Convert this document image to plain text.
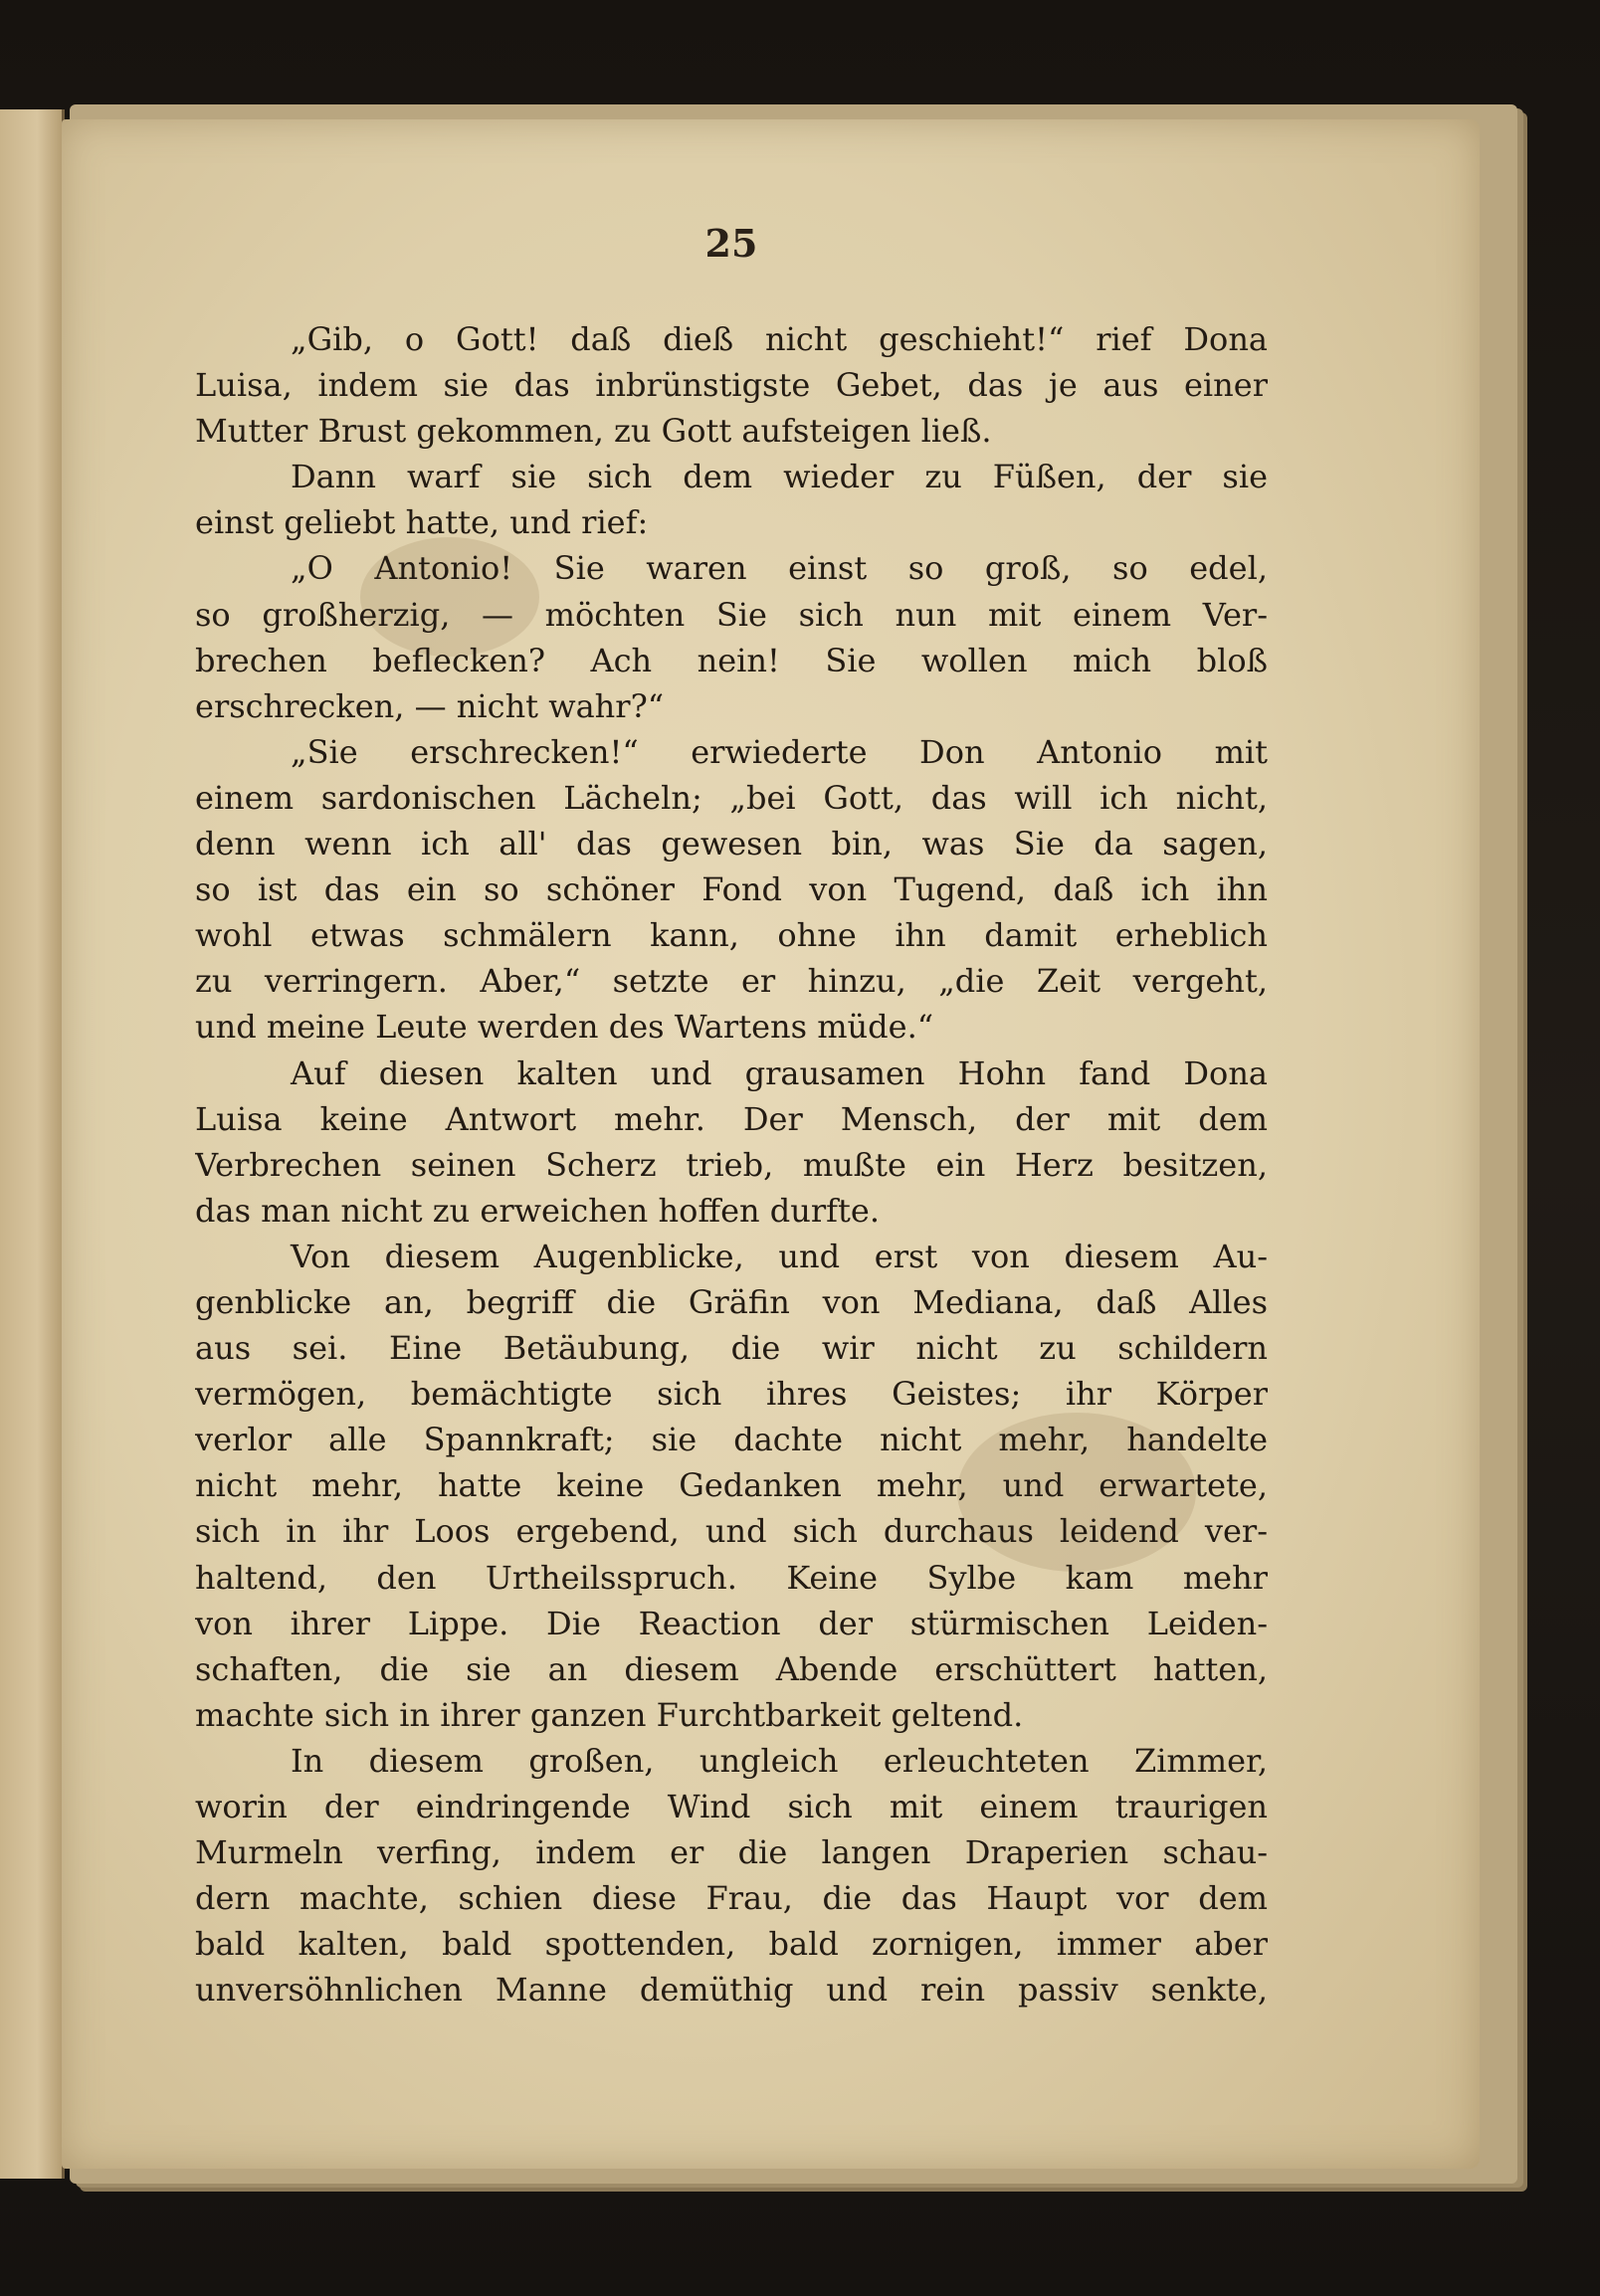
25
„Gib, o Gott! daß dieß nicht geschieht!“ rief Dona
Luisa, indem sie das inbrünstigste Gebet, das je aus einer
Mutter Brust gekommen, zu Gott aufsteigen ließ.
Dann warf sie sich dem wieder zu Füßen, der sie
einst geliebt hatte, und rief:
„O Antonio! Sie waren einst so groß, so edel,
so großherzig, — möchten Sie sich nun mit einem Ver-
brechen beflecken? Ach nein! Sie wollen mich bloß
erschrecken, — nicht wahr?“
„Sie erschrecken!“ erwiederte Don Antonio mit
einem sardonischen Lächeln; „bei Gott, das will ich nicht,
denn wenn ich all' das gewesen bin, was Sie da sagen,
so ist das ein so schöner Fond von Tugend, daß ich ihn
wohl etwas schmälern kann, ohne ihn damit erheblich
zu verringern. Aber,“ setzte er hinzu, „die Zeit vergeht,
und meine Leute werden des Wartens müde.“
Auf diesen kalten und grausamen Hohn fand Dona
Luisa keine Antwort mehr. Der Mensch, der mit dem
Verbrechen seinen Scherz trieb, mußte ein Herz besitzen,
das man nicht zu erweichen hoffen durfte.
Von diesem Augenblicke, und erst von diesem Au-
genblicke an, begriff die Gräfin von Mediana, daß Alles
aus sei. Eine Betäubung, die wir nicht zu schildern
vermögen, bemächtigte sich ihres Geistes; ihr Körper
verlor alle Spannkraft; sie dachte nicht mehr, handelte
nicht mehr, hatte keine Gedanken mehr, und erwartete,
sich in ihr Loos ergebend, und sich durchaus leidend ver-
haltend, den Urtheilsspruch. Keine Sylbe kam mehr
von ihrer Lippe. Die Reaction der stürmischen Leiden-
schaften, die sie an diesem Abende erschüttert hatten,
machte sich in ihrer ganzen Furchtbarkeit geltend.
In diesem großen, ungleich erleuchteten Zimmer,
worin der eindringende Wind sich mit einem traurigen
Murmeln verfing, indem er die langen Draperien schau-
dern machte, schien diese Frau, die das Haupt vor dem
bald kalten, bald spottenden, bald zornigen, immer aber
unversöhnlichen Manne demüthig und rein passiv senkte,
